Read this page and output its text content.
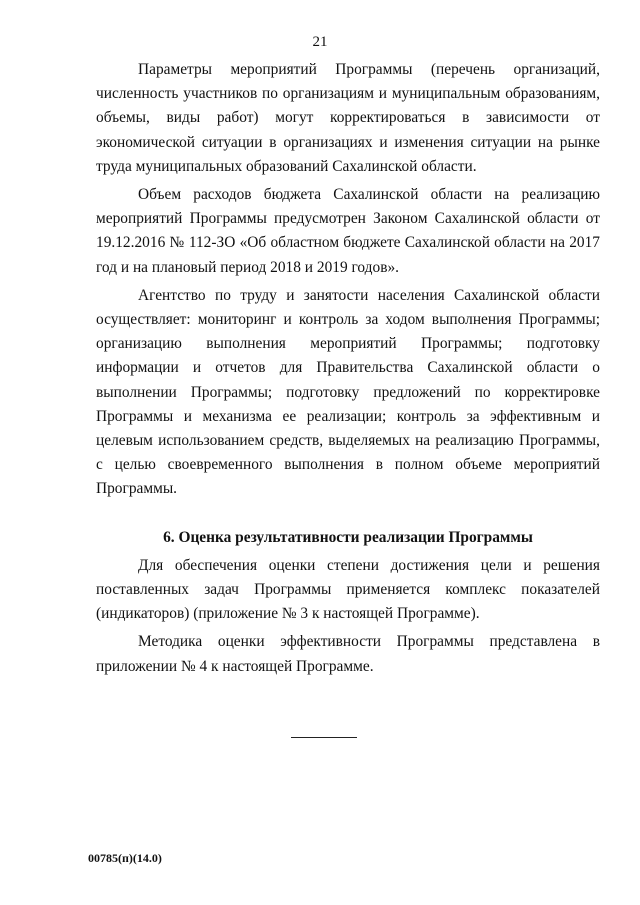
21

Параметры мероприятий Программы (перечень организаций, численность участников по организациям и муниципальным образованиям, объемы, виды работ) могут корректироваться в зависимости от экономической ситуации в организациях и изменения ситуации на рынке труда муниципальных образований Сахалинской области.

Объем расходов бюджета Сахалинской области на реализацию мероприятий Программы предусмотрен Законом Сахалинской области от 19.12.2016 № 112-ЗО «Об областном бюджете Сахалинской области на 2017 год и на плановый период 2018 и 2019 годов».

Агентство по труду и занятости населения Сахалинской области осуществляет: мониторинг и контроль за ходом выполнения Программы; организацию выполнения мероприятий Программы; подготовку информации и отчетов для Правительства Сахалинской области о выполнении Программы; подготовку предложений по корректировке Программы и механизма ее реализации; контроль за эффективным и целевым использованием средств, выделяемых на реализацию Программы, с целью своевременного выполнения в полном объеме мероприятий Программы.

6. Оценка результативности реализации Программы

Для обеспечения оценки степени достижения цели и решения поставленных задач Программы применяется комплекс показателей (индикаторов) (приложение № 3 к настоящей Программе).

Методика оценки эффективности Программы представлена в приложении № 4 к настоящей Программе.

00785(п)(14.0)
